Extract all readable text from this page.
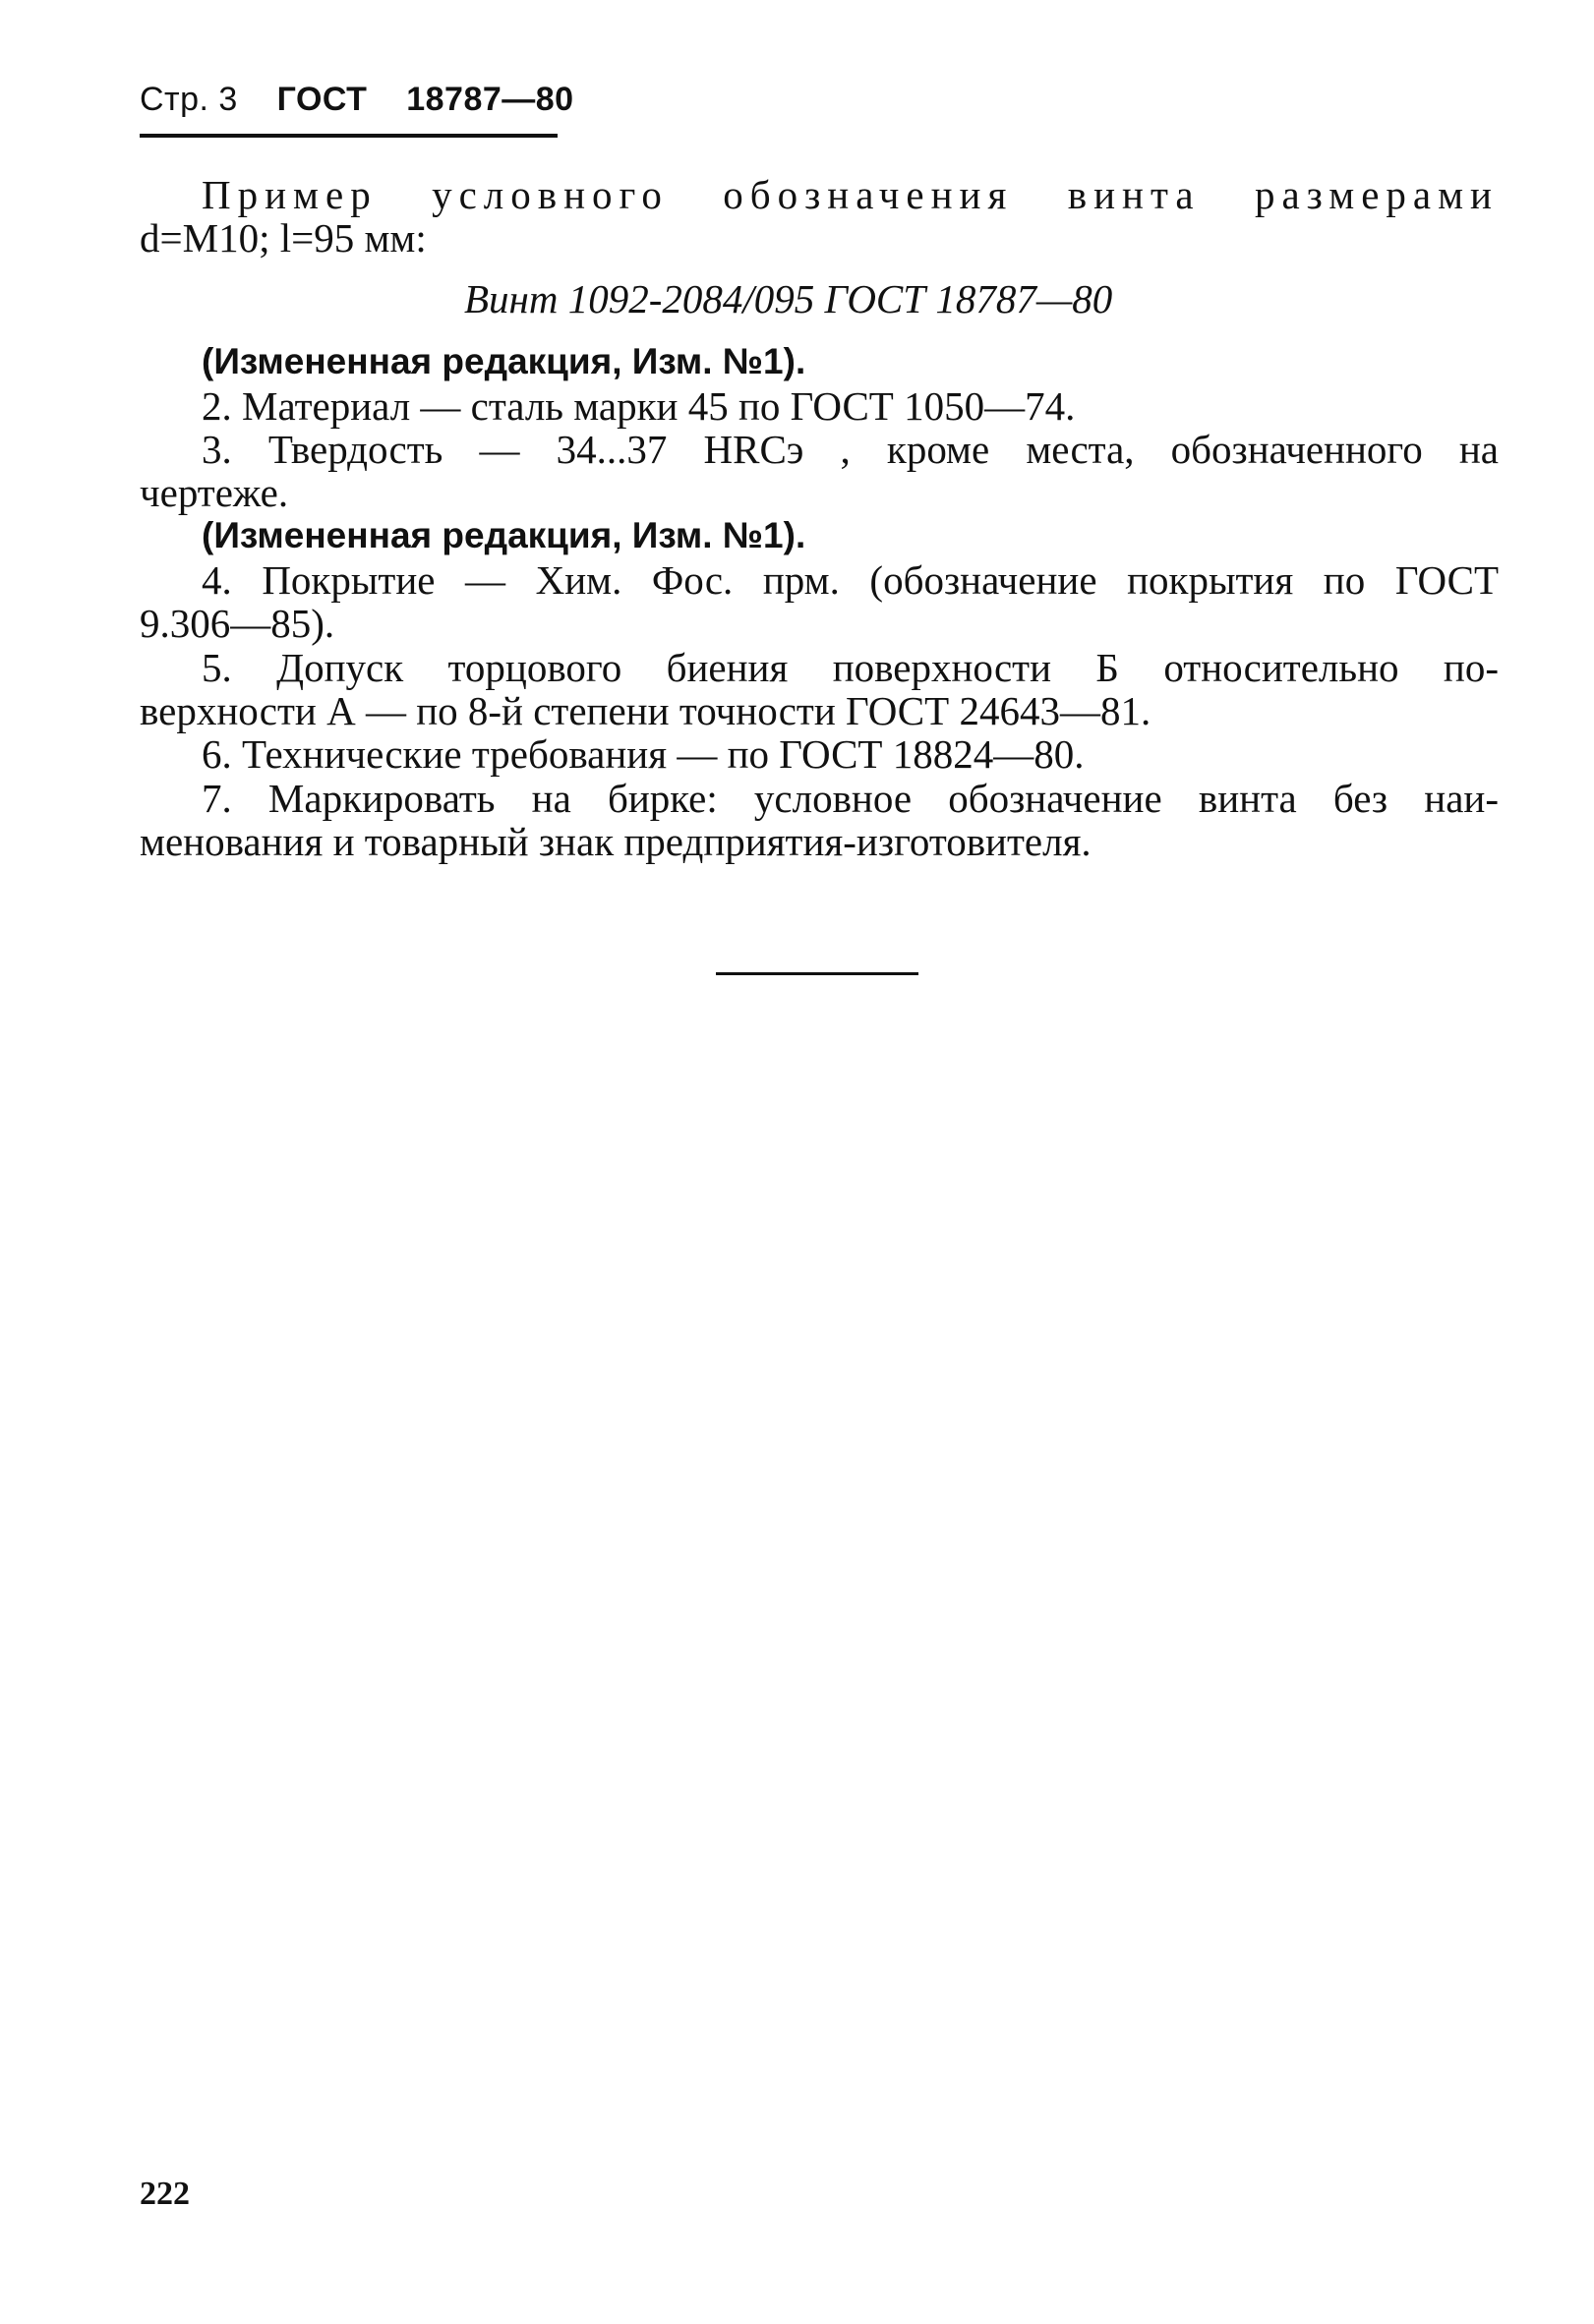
Стр. 3 ГОСТ 18787—80
Пример условного обозначения винта размерами
d=M10; l=95 мм:
Винт 1092-2084/095 ГОСТ 18787—80
(Измененная редакция, Изм. №1).
2. Материал — сталь марки 45 по ГОСТ 1050—74.
3. Твердость — 34...37 HRCэ , кроме места, обозначенного на
чертеже.
(Измененная редакция, Изм. №1).
4. Покрытие — Хим. Фос. прм. (обозначение покрытия по ГОСТ
9.306—85).
5. Допуск торцового биения поверхности Б относительно по-
верхности А — по 8-й степени точности ГОСТ 24643—81.
6. Технические требования — по ГОСТ 18824—80.
7. Маркировать на бирке: условное обозначение винта без наи-
менования и товарный знак предприятия-изготовителя.
222
